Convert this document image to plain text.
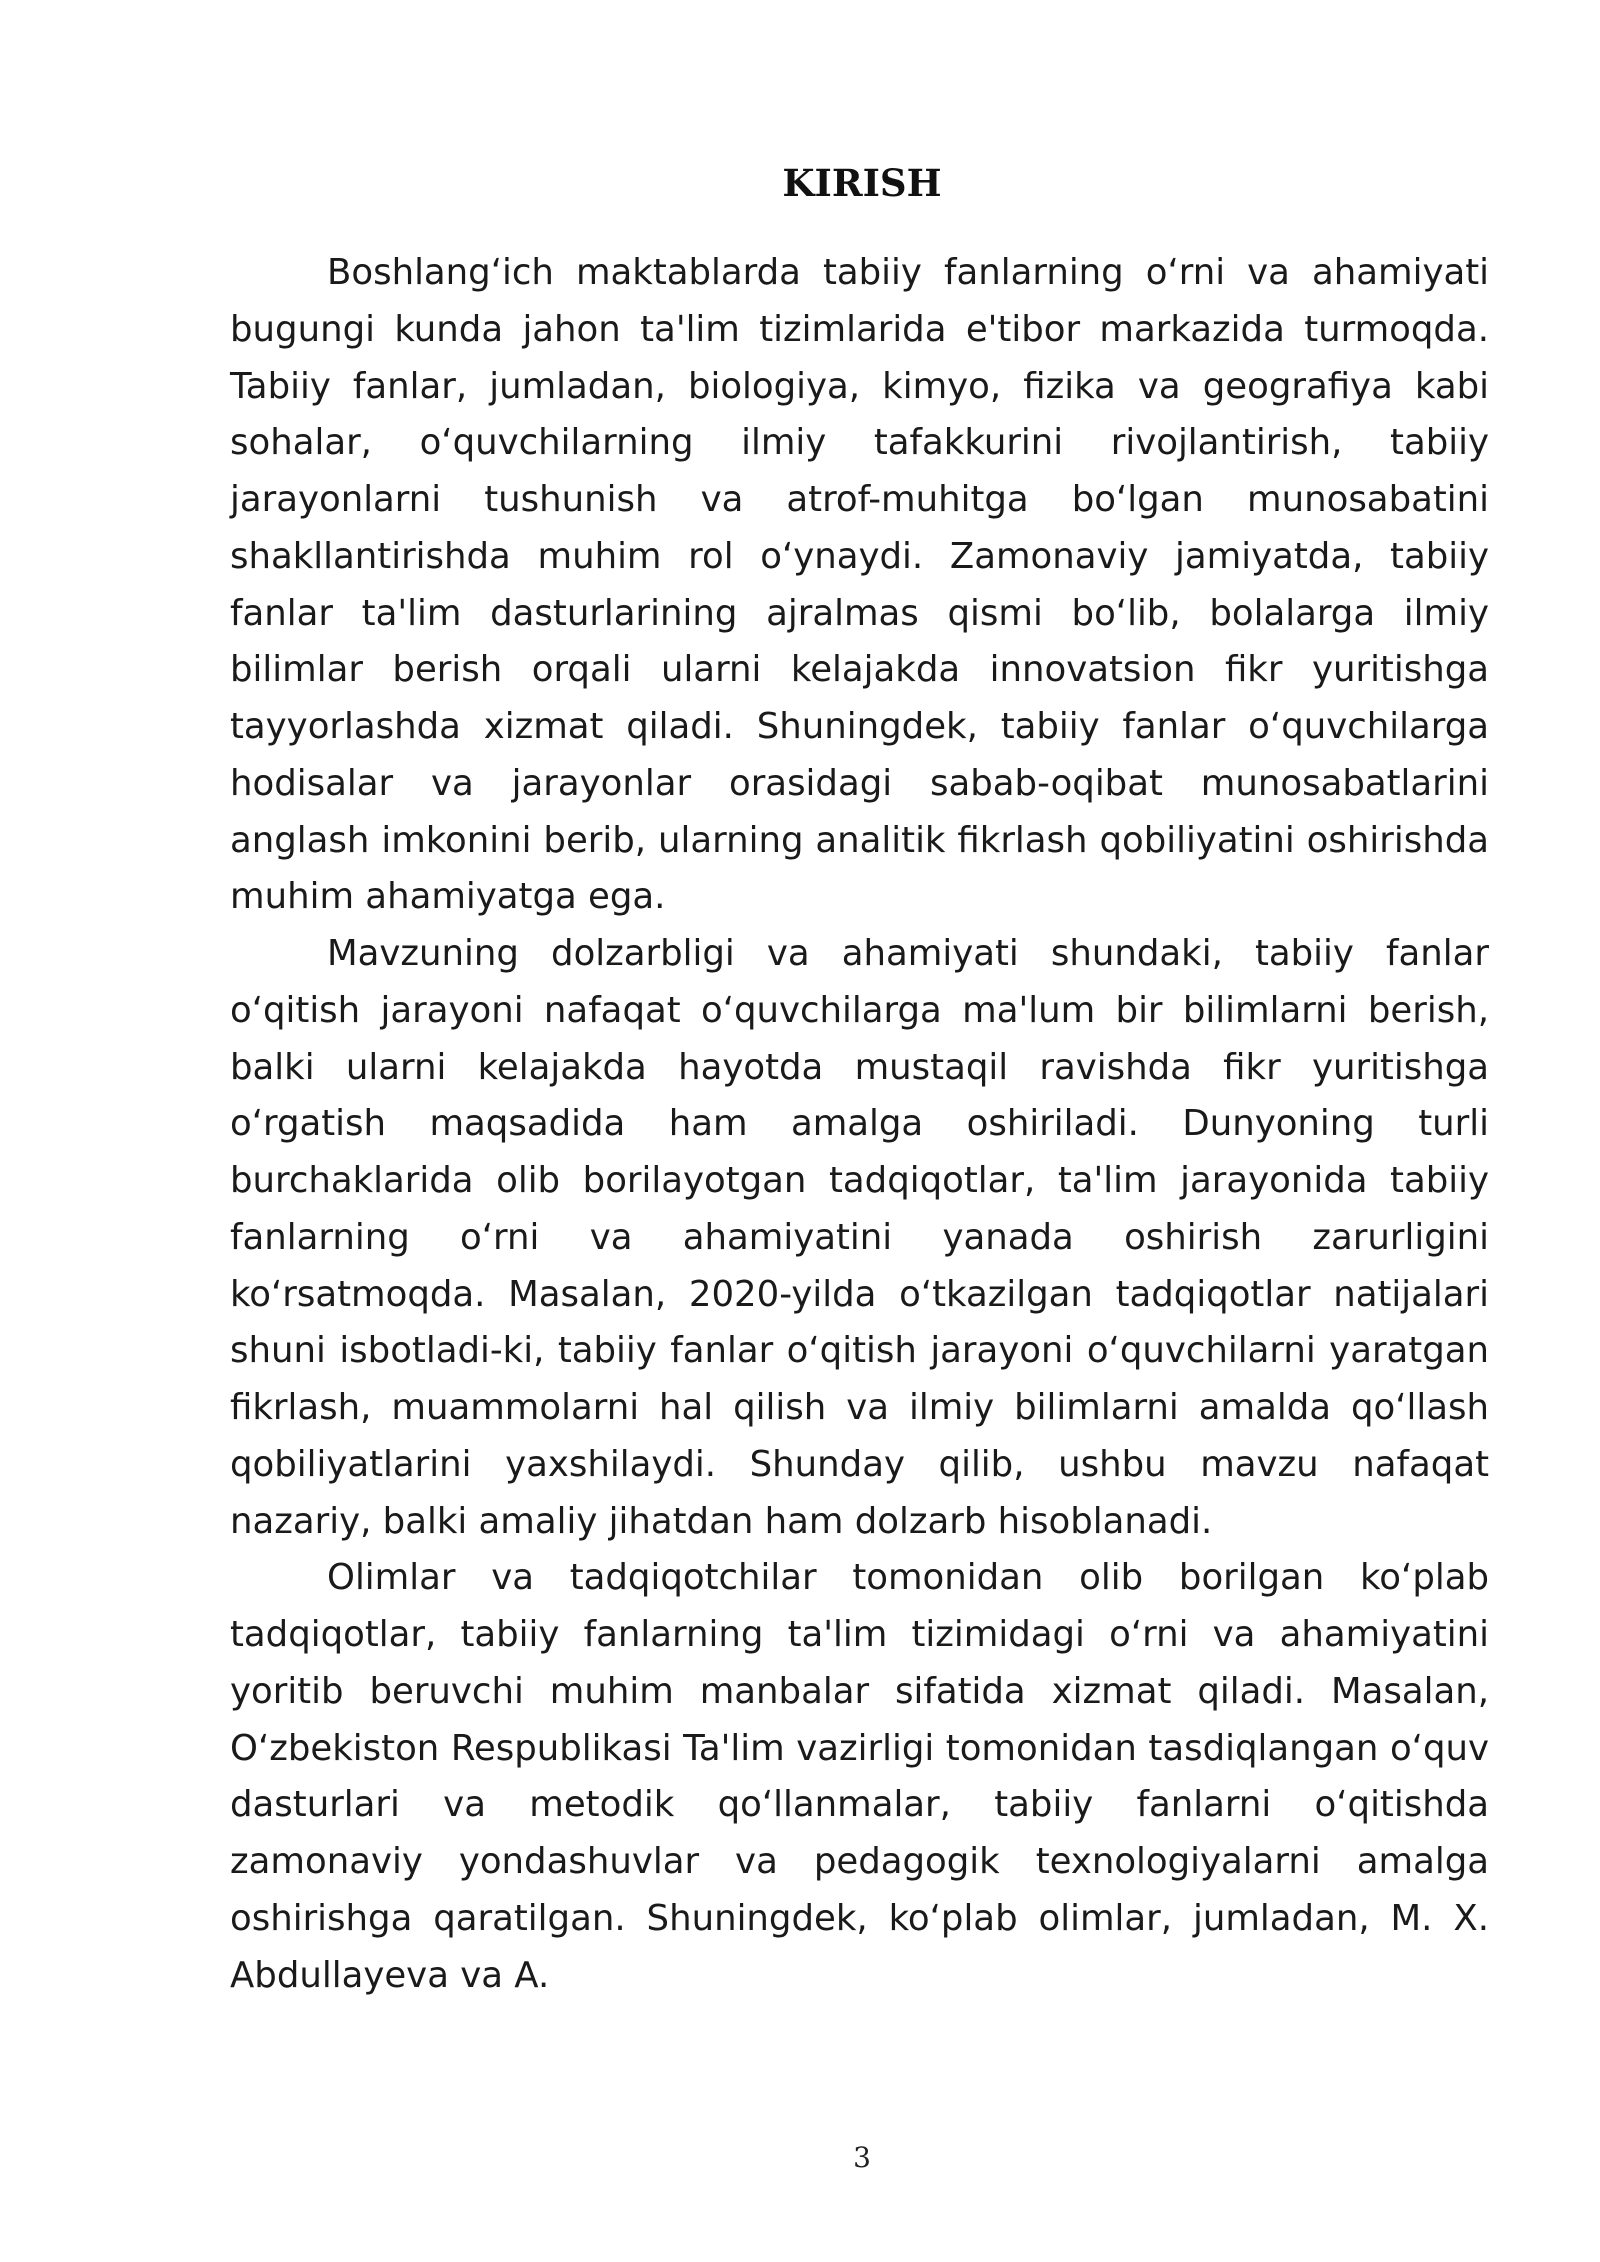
KIRISH

Boshlang‘ich maktablarda tabiiy fanlarning o‘rni va ahamiyati bugungi kunda jahon ta'lim tizimlarida e'tibor markazida turmoqda. Tabiiy fanlar, jumladan, biologiya, kimyo, fizika va geografiya kabi sohalar, o‘quvchilarning ilmiy tafakkurini rivojlantirish, tabiiy jarayonlarni tushunish va atrof-muhitga bo‘lgan munosabatini shakllantirishda muhim rol o‘ynaydi. Zamonaviy jamiyatda, tabiiy fanlar ta'lim dasturlarining ajralmas qismi bo‘lib, bolalarga ilmiy bilimlar berish orqali ularni kelajakda innovatsion fikr yuritishga tayyorlashda xizmat qiladi. Shuningdek, tabiiy fanlar o‘quvchilarga hodisalar va jarayonlar orasidagi sabab-oqibat munosabatlarini anglash imkonini berib, ularning analitik fikrlash qobiliyatini oshirishda muhim ahamiyatga ega.

Mavzuning dolzarbligi va ahamiyati shundaki, tabiiy fanlar o‘qitish jarayoni nafaqat o‘quvchilarga ma'lum bir bilimlarni berish, balki ularni kelajakda hayotda mustaqil ravishda fikr yuritishga o‘rgatish maqsadida ham amalga oshiriladi. Dunyoning turli burchaklarida olib borilayotgan tadqiqotlar, ta'lim jarayonida tabiiy fanlarning o‘rni va ahamiyatini yanada oshirish zarurligini ko‘rsatmoqda. Masalan, 2020-yilda o‘tkazilgan tadqiqotlar natijalari shuni isbotladi-ki, tabiiy fanlar o‘qitish jarayoni o‘quvchilarni yaratgan fikrlash, muammolarni hal qilish va ilmiy bilimlarni amalda qo‘llash qobiliyatlarini yaxshilaydi. Shunday qilib, ushbu mavzu nafaqat nazariy, balki amaliy jihatdan ham dolzarb hisoblanadi.

Olimlar va tadqiqotchilar tomonidan olib borilgan ko‘plab tadqiqotlar, tabiiy fanlarning ta'lim tizimidagi o‘rni va ahamiyatini yoritib beruvchi muhim manbalar sifatida xizmat qiladi. Masalan, O‘zbekiston Respublikasi Ta'lim vazirligi tomonidan tasdiqlangan o‘quv dasturlari va metodik qo‘llanmalar, tabiiy fanlarni o‘qitishda zamonaviy yondashuvlar va pedagogik texnologiyalarni amalga oshirishga qaratilgan. Shuningdek, ko‘plab olimlar, jumladan, M. X. Abdullayeva va A.

3
